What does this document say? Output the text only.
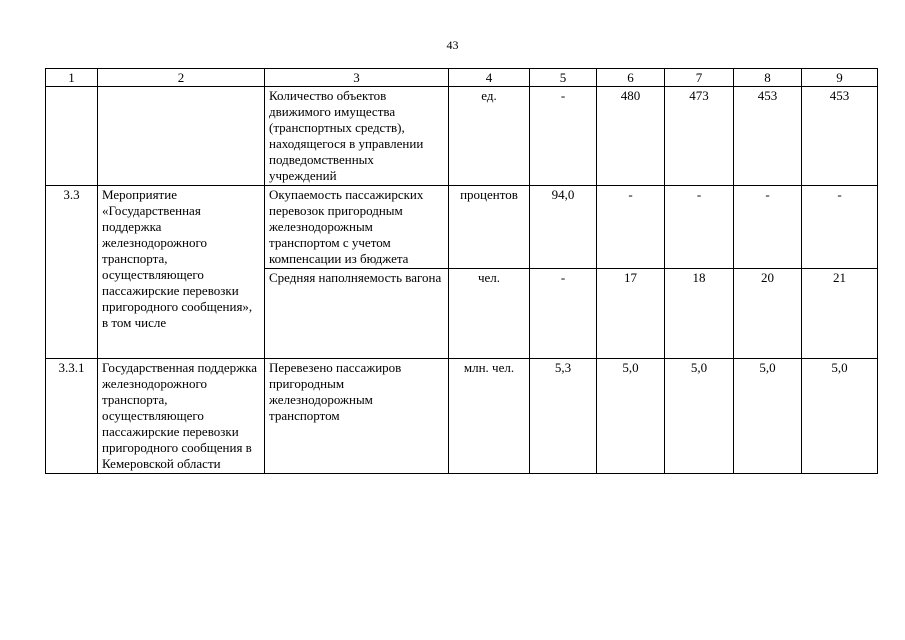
43
1	2	3	4	5	6	7	8	9
		Количество объектов движимого имущества (транспортных средств), находящегося в управлении подведомственных учреждений	ед.	-	480	473	453	453
3.3	Мероприятие «Государственная поддержка железнодорожного транспорта, осуществляющего пассажирские перевозки пригородного сообщения», в том числе	Окупаемость пассажирских перевозок пригородным железнодорожным транспортом с учетом компенсации из бюджета	процентов	94,0	-	-	-	-
		Средняя наполняемость вагона	чел.	-	17	18	20	21
3.3.1	Государственная поддержка железнодорожного транспорта, осуществляющего пассажирские перевозки пригородного сообщения в Кемеровской области	Перевезено пассажиров пригородным железнодорожным транспортом	млн. чел.	5,3	5,0	5,0	5,0	5,0
